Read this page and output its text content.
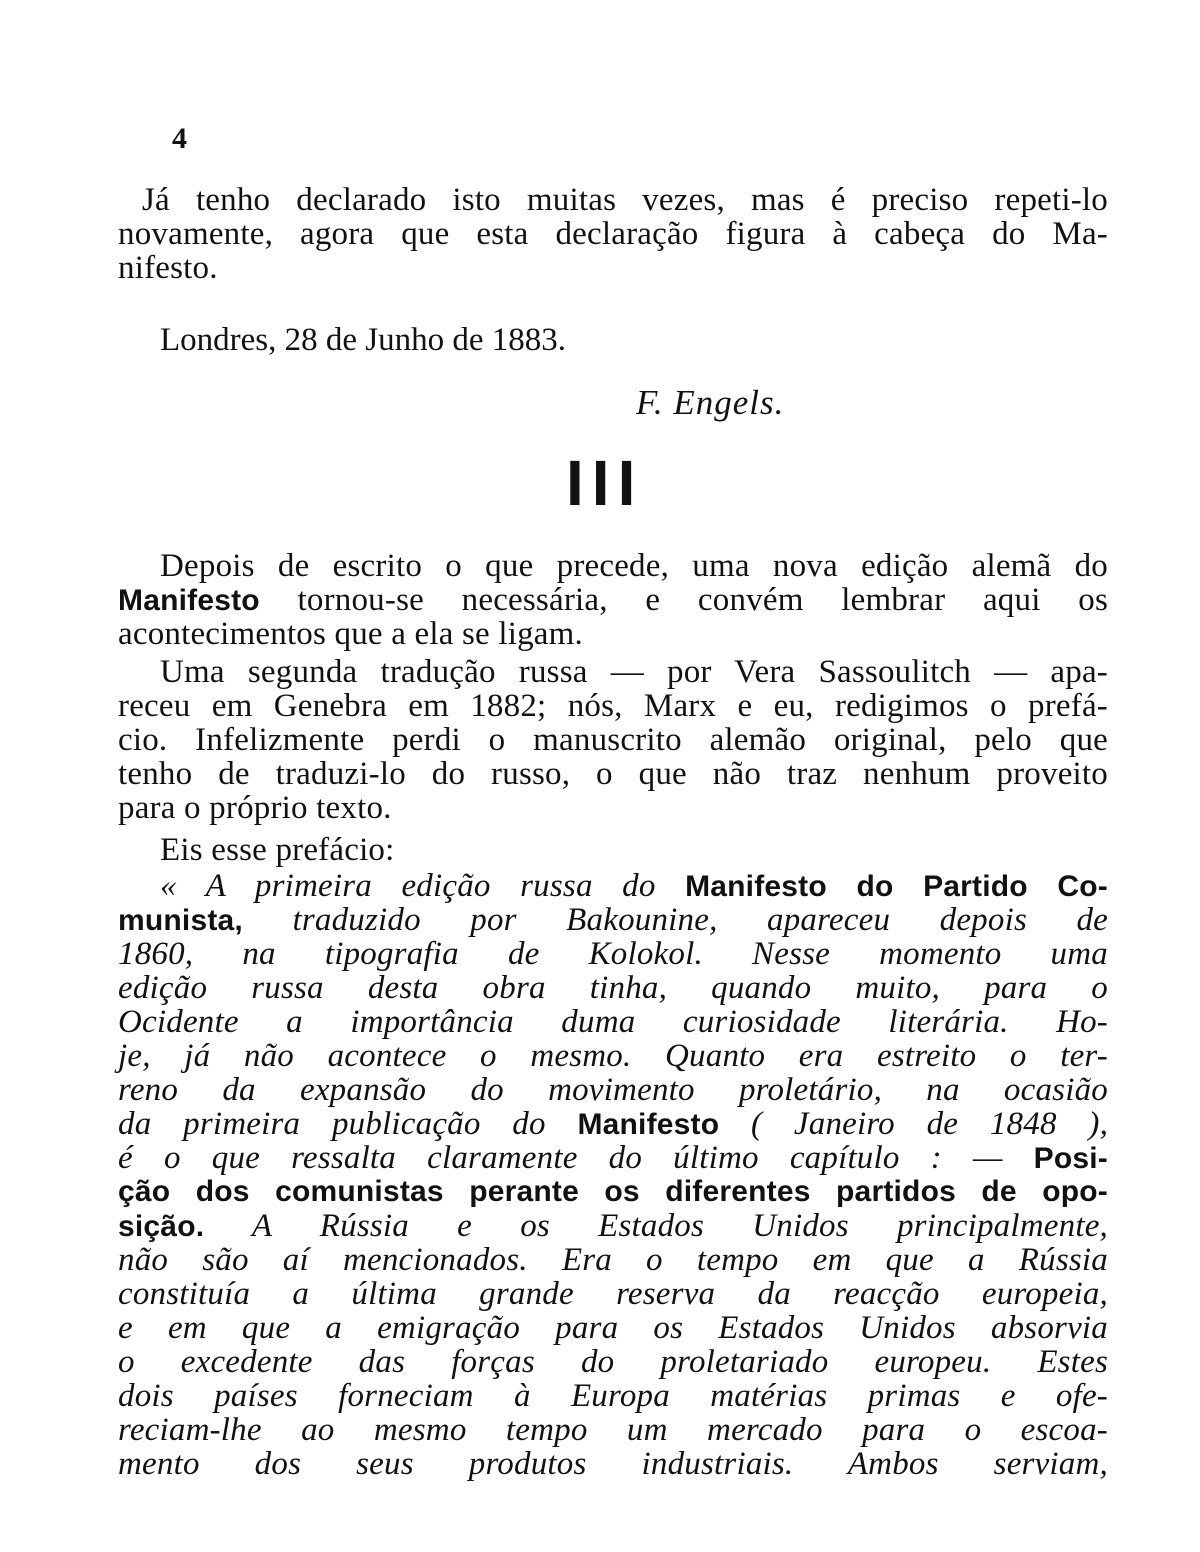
4
Já tenho declarado isto muitas vezes, mas é preciso repeti-lo
novamente, agora que esta declaração figura à cabeça do Ma-
nifesto.
Londres, 28 de Junho de 1883.
F. Engels.
III
Depois de escrito o que precede, uma nova edição alemã do
Manifesto tornou-se necessária, e convém lembrar aqui os
acontecimentos que a ela se ligam.
Uma segunda tradução russa — por Vera Sassoulitch — apa-
receu em Genebra em 1882; nós, Marx e eu, redigimos o prefá-
cio. Infelizmente perdi o manuscrito alemão original, pelo que
tenho de traduzi-lo do russo, o que não traz nenhum proveito
para o próprio texto.
Eis esse prefácio:
« A primeira edição russa do Manifesto do Partido Co-
munista, traduzido por Bakounine, apareceu depois de
1860, na tipografia de Kolokol. Nesse momento uma
edição russa desta obra tinha, quando muito, para o
Ocidente a importância duma curiosidade literária. Ho-
je, já não acontece o mesmo. Quanto era estreito o ter-
reno da expansão do movimento proletário, na ocasião
da primeira publicação do Manifesto ( Janeiro de 1848 ),
é o que ressalta claramente do último capítulo : — Posi-
ção dos comunistas perante os diferentes partidos de opo-
sição. A Rússia e os Estados Unidos principalmente,
não são aí mencionados. Era o tempo em que a Rússia
constituía a última grande reserva da reacção europeia,
e em que a emigração para os Estados Unidos absorvia
o excedente das forças do proletariado europeu. Estes
dois países forneciam à Europa matérias primas e ofe-
reciam-lhe ao mesmo tempo um mercado para o escoa-
mento dos seus produtos industriais. Ambos serviam,
